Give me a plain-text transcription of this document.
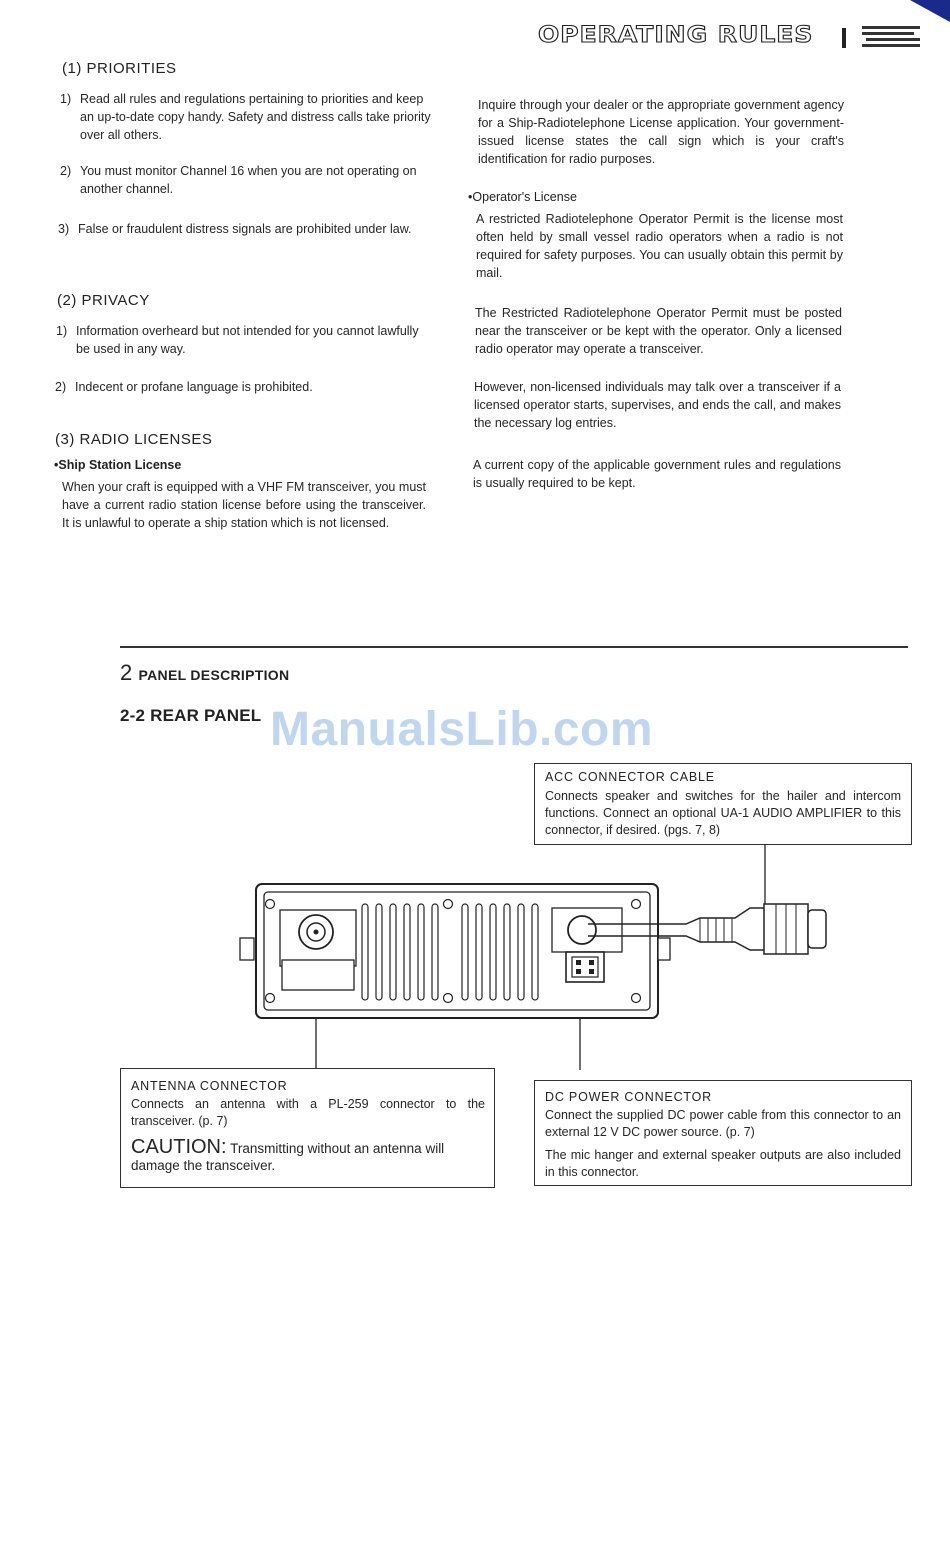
OPERATING RULES
(1) PRIORITIES
1) Read all rules and regulations pertaining to priorities and keep an up-to-date copy handy. Safety and distress calls take priority over all others.
2) You must monitor Channel 16 when you are not operating on another channel.
3) False or fraudulent distress signals are prohibited under law.
(2) PRIVACY
1) Information overheard but not intended for you cannot lawfully be used in any way.
2) Indecent or profane language is prohibited.
(3) RADIO LICENSES
•Ship Station License
When your craft is equipped with a VHF FM transceiver, you must have a current radio station license before using the transceiver. It is unlawful to operate a ship station which is not licensed.
Inquire through your dealer or the appropriate government agency for a Ship-Radiotelephone License application. Your government-issued license states the call sign which is your craft's identification for radio purposes.
•Operator's License
A restricted Radiotelephone Operator Permit is the license most often held by small vessel radio operators when a radio is not required for safety purposes. You can usually obtain this permit by mail.
The Restricted Radiotelephone Operator Permit must be posted near the transceiver or be kept with the operator. Only a licensed radio operator may operate a transceiver.
However, non-licensed individuals may talk over a transceiver if a licensed operator starts, supervises, and ends the call, and makes the necessary log entries.
A current copy of the applicable government rules and regulations is usually required to be kept.
2 PANEL DESCRIPTION
2-2 REAR PANEL ManualsLib.com
ACC CONNECTOR CABLE
Connects speaker and switches for the hailer and intercom functions. Connect an optional UA-1 AUDIO AMPLIFIER to this connector, if desired. (pgs. 7, 8)
ANTENNA CONNECTOR
Connects an antenna with a PL-259 connector to the transceiver. (p. 7)
CAUTION: Transmitting without an antenna will damage the transceiver.
DC POWER CONNECTOR
Connect the supplied DC power cable from this connector to an external 12 V DC power source. (p. 7)
The mic hanger and external speaker outputs are also included in this connector.
